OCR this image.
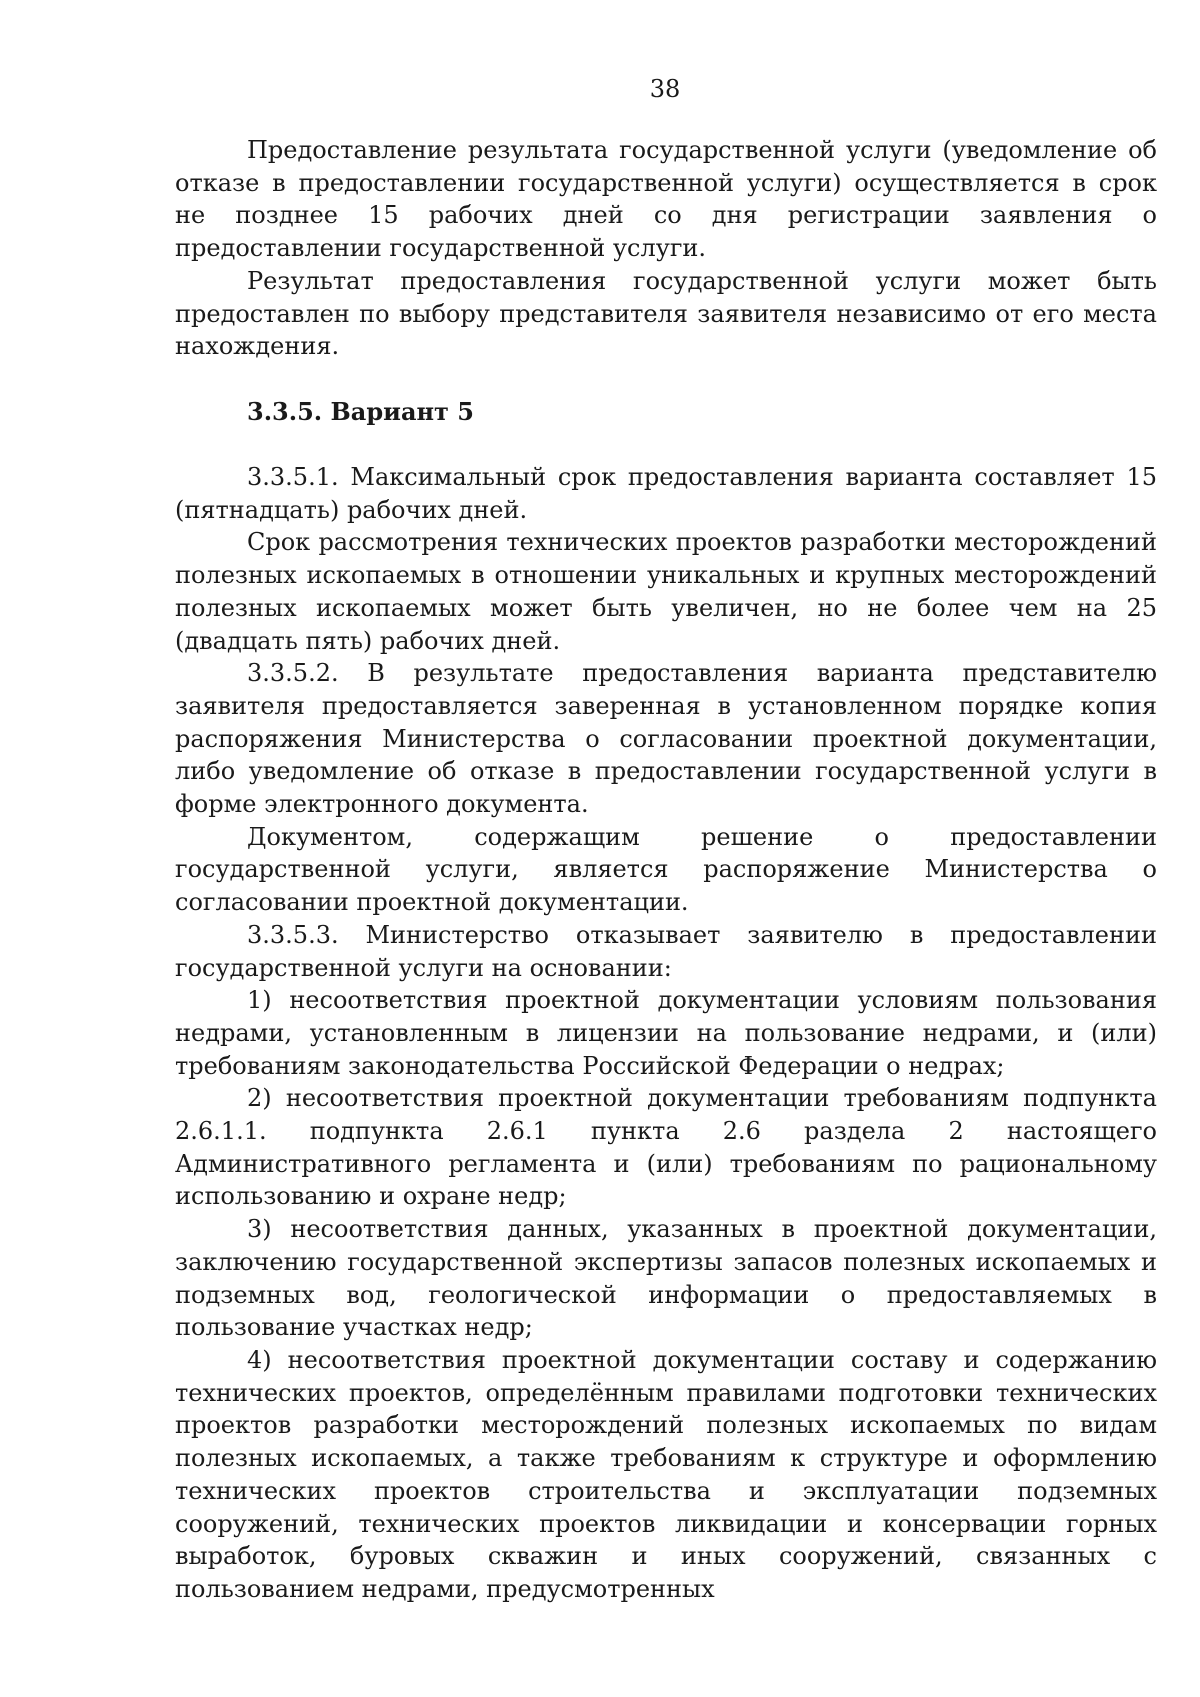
38

Предоставление результата государственной услуги (уведомление об отказе в предоставлении государственной услуги) осуществляется в срок не позднее 15 рабочих дней со дня регистрации заявления о предоставлении государственной услуги.

Результат предоставления государственной услуги может быть предоставлен по выбору представителя заявителя независимо от его места нахождения.

3.3.5. Вариант 5

3.3.5.1. Максимальный срок предоставления варианта составляет 15 (пятнадцать) рабочих дней.

Срок рассмотрения технических проектов разработки месторождений полезных ископаемых в отношении уникальных и крупных месторождений полезных ископаемых может быть увеличен, но не более чем на 25 (двадцать пять) рабочих дней.

3.3.5.2. В результате предоставления варианта представителю заявителя предоставляется заверенная в установленном порядке копия распоряжения Министерства о согласовании проектной документации, либо уведомление об отказе в предоставлении государственной услуги в форме электронного документа.

Документом, содержащим решение о предоставлении государственной услуги, является распоряжение Министерства о согласовании проектной документации.

3.3.5.3. Министерство отказывает заявителю в предоставлении государственной услуги на основании:

1) несоответствия проектной документации условиям пользования недрами, установленным в лицензии на пользование недрами, и (или) требованиям законодательства Российской Федерации о недрах;

2) несоответствия проектной документации требованиям подпункта 2.6.1.1. подпункта 2.6.1 пункта 2.6 раздела 2 настоящего Административного регламента и (или) требованиям по рациональному использованию и охране недр;

3) несоответствия данных, указанных в проектной документации, заключению государственной экспертизы запасов полезных ископаемых и подземных вод, геологической информации о предоставляемых в пользование участках недр;

4) несоответствия проектной документации составу и содержанию технических проектов, определённым правилами подготовки технических проектов разработки месторождений полезных ископаемых по видам полезных ископаемых, а также требованиям к структуре и оформлению технических проектов строительства и эксплуатации подземных сооружений, технических проектов ликвидации и консервации горных выработок, буровых скважин и иных сооружений, связанных с пользованием недрами, предусмотренных
